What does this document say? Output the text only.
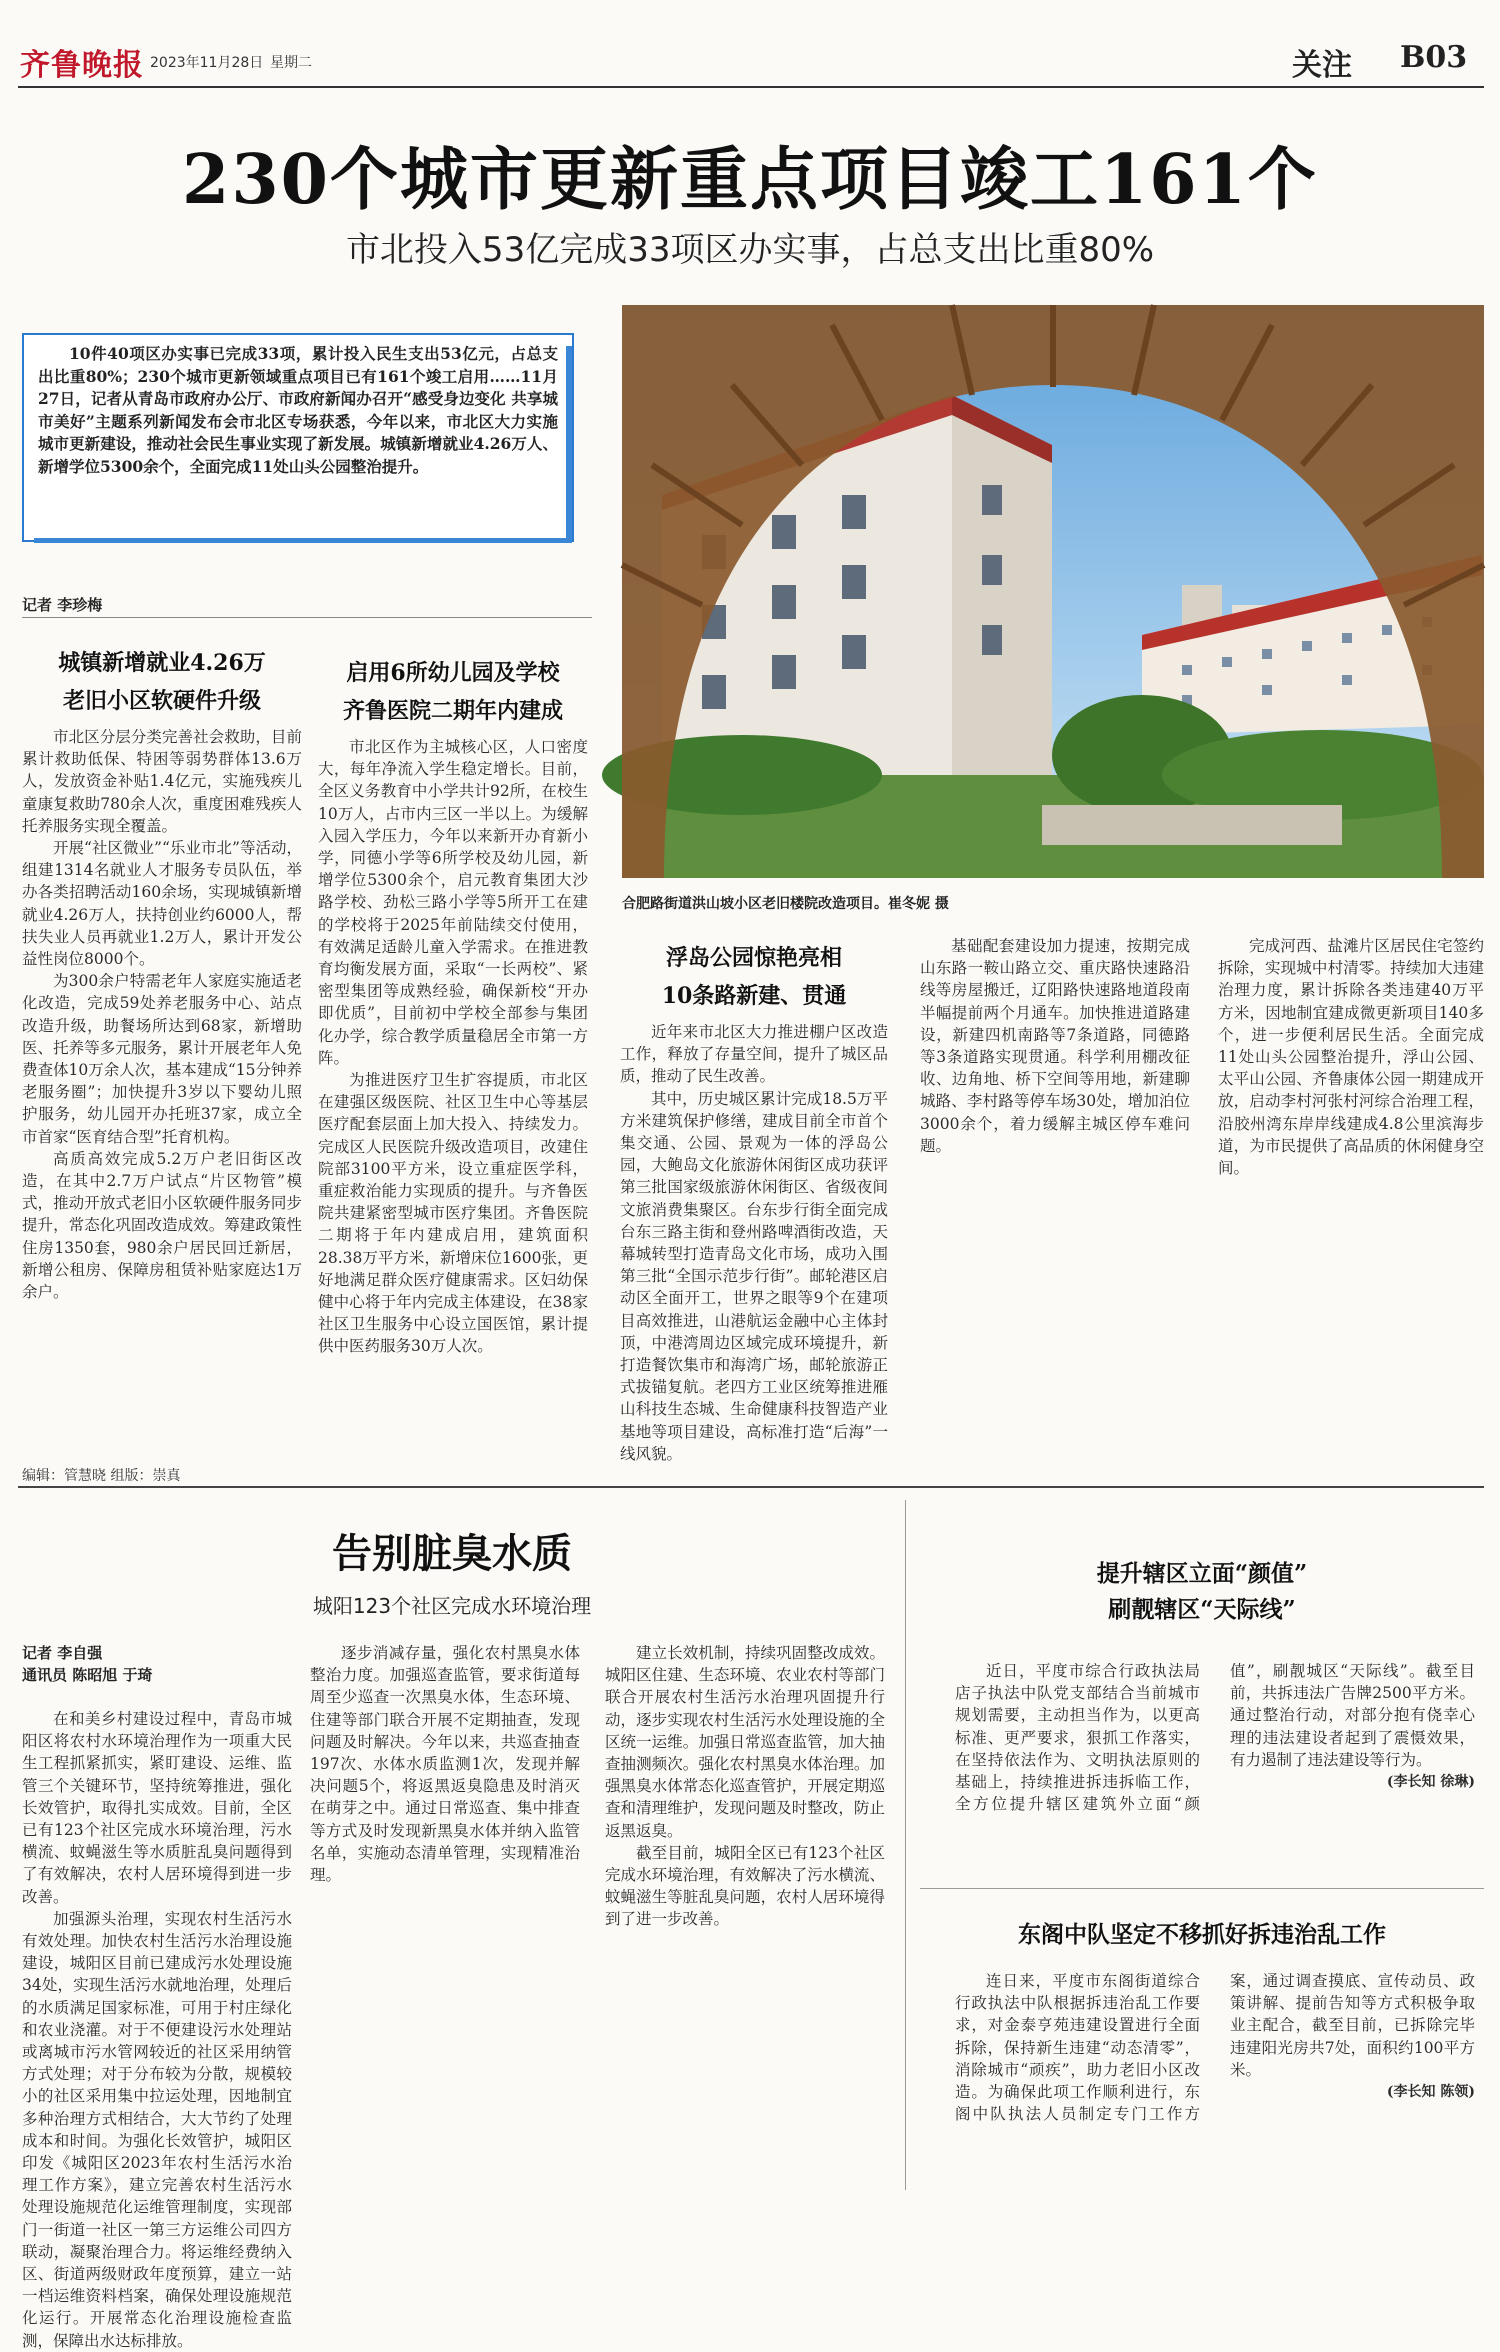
齐鲁晚报 2023年11月28日 星期二	关注 B03
230个城市更新重点项目竣工161个
市北投入53亿完成33项区办实事，占总支出比重80%
10件40项区办实事已完成33项，累计投入民生支出53亿元，占总支出比重80%；230个城市更新领域重点项目已有161个竣工启用……11月27日，记者从青岛市政府办公厅、市政府新闻办召开“感受身边变化 共享城市美好”主题系列新闻发布会市北区专场获悉，今年以来，市北区大力实施城市更新建设，推动社会民生事业实现了新发展。城镇新增就业4.26万人、新增学位5300余个，全面完成11处山头公园整治提升。
合肥路街道洪山坡小区老旧楼院改造项目。崔冬妮 摄
记者 李珍梅
城镇新增就业4.26万
老旧小区软硬件升级

市北区分层分类完善社会救助，目前累计救助低保、特困等弱势群体13.6万人，发放资金补贴1.4亿元，实施残疾儿童康复救助780余人次，重度困难残疾人托养服务实现全覆盖。

开展“社区微业”“乐业市北”等活动，组建1314名就业人才服务专员队伍，举办各类招聘活动160余场，实现城镇新增就业4.26万人，扶持创业约6000人，帮扶失业人员再就业1.2万人，累计开发公益性岗位8000个。

为300余户特需老年人家庭实施适老化改造，完成59处养老服务中心、站点改造升级，助餐场所达到68家，新增助医、托养等多元服务，累计开展老年人免费查体10万余人次，基本建成“15分钟养老服务圈”；加快提升3岁以下婴幼儿照护服务，幼儿园开办托班37家，成立全市首家“医育结合型”托育机构。

高质高效完成5.2万户老旧街区改造，在其中2.7万户试点“片区物管”模式，推动开放式老旧小区软硬件服务同步提升，常态化巩固改造成效。筹建政策性住房1350套，980余户居民回迁新居，新增公租房、保障房租赁补贴家庭达1万余户。

启用6所幼儿园及学校
齐鲁医院二期年内建成

市北区作为主城核心区，人口密度大，每年净流入学生稳定增长。目前，全区义务教育中小学共计92所，在校生10万人，占市内三区一半以上。为缓解入园入学压力，今年以来新开办育新小学，同德小学等6所学校及幼儿园，新增学位5300余个，启元教育集团大沙路学校、劲松三路小学等5所开工在建的学校将于2025年前陆续交付使用，有效满足适龄儿童入学需求。在推进教育均衡发展方面，采取“一长两校”、紧密型集团等成熟经验，确保新校“开办即优质”，目前初中学校全部参与集团化办学，综合教学质量稳居全市第一方阵。

为推进医疗卫生扩容提质，市北区在建强区级医院、社区卫生中心等基层医疗配套层面上加大投入、持续发力。完成区人民医院升级改造项目，改建住院部3100平方米，设立重症医学科，重症救治能力实现质的提升。与齐鲁医院共建紧密型城市医疗集团。齐鲁医院二期将于年内建成启用，建筑面积28.38万平方米，新增床位1600张，更好地满足群众医疗健康需求。区妇幼保健中心将于年内完成主体建设，在38家社区卫生服务中心设立国医馆，累计提供中医药服务30万人次。

浮岛公园惊艳亮相
10条路新建、贯通

近年来市北区大力推进棚户区改造工作，释放了存量空间，提升了城区品质，推动了民生改善。

其中，历史城区累计完成18.5万平方米建筑保护修缮，建成目前全市首个集交通、公园、景观为一体的浮岛公园，大鲍岛文化旅游休闲街区成功获评第三批国家级旅游休闲街区、省级夜间文旅消费集聚区。台东步行街全面完成台东三路主街和登州路啤酒街改造，天幕城转型打造青岛文化市场，成功入围第三批“全国示范步行街”。邮轮港区启动区全面开工，世界之眼等9个在建项目高效推进，山港航运金融中心主体封顶，中港湾周边区域完成环境提升，新打造餐饮集市和海湾广场，邮轮旅游正式拔锚复航。老四方工业区统筹推进雁山科技生态城、生命健康科技智造产业基地等项目建设，高标准打造“后海”一线风貌。

基础配套建设加力提速，按期完成山东路一鞍山路立交、重庆路快速路沿线等房屋搬迁，辽阳路快速路地道段南半幅提前两个月通车。加快推进道路建设，新建四机南路等7条道路，同德路等3条道路实现贯通。科学利用棚改征收、边角地、桥下空间等用地，新建聊城路、李村路等停车场30处，增加泊位3000余个，着力缓解主城区停车难问题。

完成河西、盐滩片区居民住宅签约拆除，实现城中村清零。持续加大违建治理力度，累计拆除各类违建40万平方米，因地制宜建成微更新项目140多个，进一步便利居民生活。全面完成11处山头公园整治提升，浮山公园、太平山公园、齐鲁康体公园一期建成开放，启动李村河张村河综合治理工程，沿胶州湾东岸岸线建成4.8公里滨海步道，为市民提供了高品质的休闲健身空间。

编辑：管慧晓 组版：崇真
告别脏臭水质
城阳123个社区完成水环境治理
记者 李自强
通讯员 陈昭旭 于琦

在和美乡村建设过程中，青岛市城阳区将农村水环境治理作为一项重大民生工程抓紧抓实，紧盯建设、运维、监管三个关键环节，坚持统筹推进，强化长效管护，取得扎实成效。目前，全区已有123个社区完成水环境治理，污水横流、蚊蝇滋生等水质脏乱臭问题得到了有效解决，农村人居环境得到进一步改善。

加强源头治理，实现农村生活污水有效处理。加快农村生活污水治理设施建设，城阳区目前已建成污水处理设施34处，实现生活污水就地治理，处理后的水质满足国家标准，可用于村庄绿化和农业浇灌。对于不便建设污水处理站或离城市污水管网较近的社区采用纳管方式处理；对于分布较为分散，规模较小的社区采用集中拉运处理，因地制宜多种治理方式相结合，大大节约了处理成本和时间。为强化长效管护，城阳区印发《城阳区2023年农村生活污水治理工作方案》，建立完善农村生活污水处理设施规范化运维管理制度，实现部门一街道一社区一第三方运维公司四方联动，凝聚治理合力。将运维经费纳入区、街道两级财政年度预算，建立一站一档运维资料档案，确保处理设施规范化运行。开展常态化治理设施检查监测，保障出水达标排放。

逐步消减存量，强化农村黑臭水体整治力度。加强巡查监管，要求街道每周至少巡查一次黑臭水体，生态环境、住建等部门联合开展不定期抽查，发现问题及时解决。今年以来，共巡查抽查197次、水体水质监测1次，发现并解决问题5个，将返黑返臭隐患及时消灭在萌芽之中。通过日常巡查、集中排查等方式及时发现新黑臭水体并纳入监管名单，实施动态清单管理，实现精准治理。

建立长效机制，持续巩固整改成效。城阳区住建、生态环境、农业农村等部门联合开展农村生活污水治理巩固提升行动，逐步实现农村生活污水处理设施的全区统一运维。加强日常巡查监管，加大抽查抽测频次。强化农村黑臭水体治理。加强黑臭水体常态化巡查管护，开展定期巡查和清理维护，发现问题及时整改，防止返黑返臭。

截至目前，城阳全区已有123个社区完成水环境治理，有效解决了污水横流、蚊蝇滋生等脏乱臭问题，农村人居环境得到了进一步改善。

提升辖区立面“颜值”
刷靓辖区“天际线”

近日，平度市综合行政执法局店子执法中队党支部结合当前城市规划需要，主动担当作为，以更高标准、更严要求，狠抓工作落实，在坚持依法作为、文明执法原则的基础上，持续推进拆违拆临工作，全方位提升辖区建筑外立面“颜值”，刷靓城区“天际线”。截至目前，共拆违法广告牌2500平方米。通过整治行动，对部分抱有侥幸心理的违法建设者起到了震慑效果，有力遏制了违法建设等行为。

(李长知 徐琳)

东阁中队坚定不移抓好拆违治乱工作

连日来，平度市东阁街道综合行政执法中队根据拆违治乱工作要求，对金泰亨苑违建设置进行全面拆除，保持新生违建“动态清零”，消除城市“顽疾”，助力老旧小区改造。为确保此项工作顺利进行，东阁中队执法人员制定专门工作方案，通过调查摸底、宣传动员、政策讲解、提前告知等方式积极争取业主配合，截至目前，已拆除完毕违建阳光房共7处，面积约100平方米。

(李长知 陈领)
